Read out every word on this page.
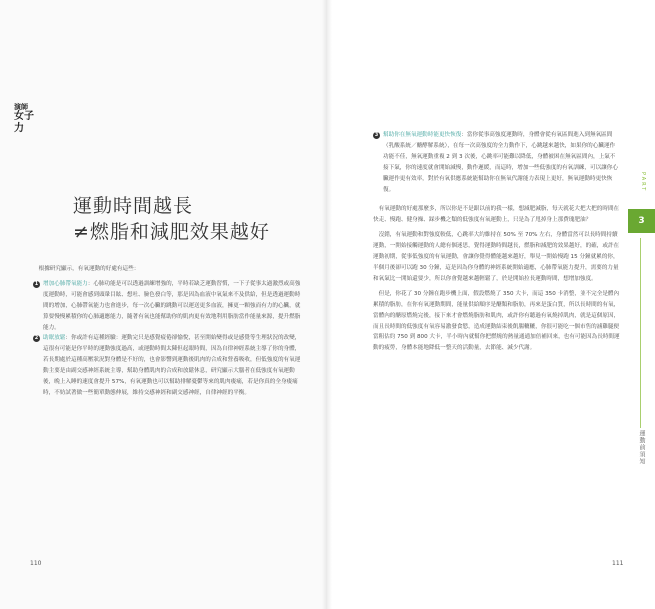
演師
女子力
運動時間越長
≠燃脂和減肥效果越好

根據研究顯示，有氧運動的好處有這些：

1 增加心肺帶氧能力：心肺功能是可以透過訓練增強的，平時若缺乏運動習慣，一下子從事太過激烈或高強度運動時，可能會感到頭暈目眩、想吐、臉色發白等，那是因為血液中氧氣來不及供給，但是透過運動時間的增加，心肺帶氧能力也會進步，每一次心臟的跳動可以運送更多血液，擁更一顆強而有力的心臟，就算要慢慢累積你的心肺適應能力，隨著有氧也能幫助你的肌肉更有效地利用脂肪當作能量來源，提升燃脂能力。

2 助眠放鬆：你或許有這種經驗：運動完只是感覺疲倦卻愉悅，甚至開始變得或是感覺等生理狀況的改變，這很有可能是你平時的運動強度過高，或運動時間太陳但起眼時間，因為自律神經系統主導了你的身體，若長期處於這種高壓狀況對身體是不好的，也會影響到運動後肌肉的合成和營養吸收，但低強度的有氧運動主要是由副交感神經系統主導，幫助身體肌肉的合成和放鬆休息，研究顯示大腦者在低強度有氧運動後，晚上入睡的速度會提升 57%，有氧運動也可以幫助排解憂鬱等來的肌肉痠痛，若是你真的全身痠痛時，不妨試著做一些簡單動態伸展，維持交感神經和副交感神經，自律神經的平衡。

3 幫助你在無氧運動時能更快恢復：當你從事高強度運動時，身體會從有氧區間進入到無氧區間（乳酸系統／醣酵解系統），在每一次高強度的全力動作下，心跳越來越快，如果你的心臟運作功能不佳，無氧運動重複 2 到 3 次後，心跳率可能難以降低，身體被困在無氧區間內，上氣不接下氣，你的速度就會開始減慢，動作遲緩，而這時，增加一些低強度的有氧訓練，可以讓你心臟運作更有效率，對於有氧供應系統能幫助你在無氧代謝能力表現上更好，無氧運動時更快恢復。

有氧運動的好處那麼多，所以你是不是跟以前的我一樣，想減肥減脂，每天就花大把大把的時間在快走、慢跑、健身操、踩步機之類的低強度有氧運動上，只是為了甩掉身上那費瑰肥油？

沒錯，有氧運動和對強度較低，心跳率大約維持在 50% 至 70% 左右，身體當然可以長時間持續運動，一開始接觸運動的人總有個迷思，覺得運動時間越長，燃脂和減肥的效果越好，的確，或許在運動初期，從事低強度的有氧運動，會讓你覺得體能越來越好，舉見一開始慢跑 15 分鐘就累的你，半個月後卻可以跑 30 分鐘，這是因為你身體的神經系統開始適應，心肺帶氧能力提升，需要的力量和氧氣比一開始還要少，所以你會覺越來越輕鬆了，於是開始拉長運動時間，想增加強度。

但是，你花了 30 分鐘在跑步機上面，假設燃燒了 350 大卡，而這 350 卡消整，並不完全是體內累積的脂肪，在你有氧運動期間，能量供給順序是醣類和脂肪，再來是蛋白質，所以長時間的有氧，當體內的醣原燃燒完後，接下來才會燃燒脂肪和肌肉，或許你有聽過有氧燒掉肌肉，就是這個原因，而且長時間的低強度有氧容易激發食慾，造成運動結束後飢腸轆轆，你很可能吃一個市售的滷雞腿便當粗估約 750 到 800 大卡，半小時內就幫你把燃燒的熱量通通加倍補回來，也有可能因為長時間運動的疲勞，身體本能地降低一整天的活動量，去節能、減少代謝。

110	111
PART
3
運動前須知
